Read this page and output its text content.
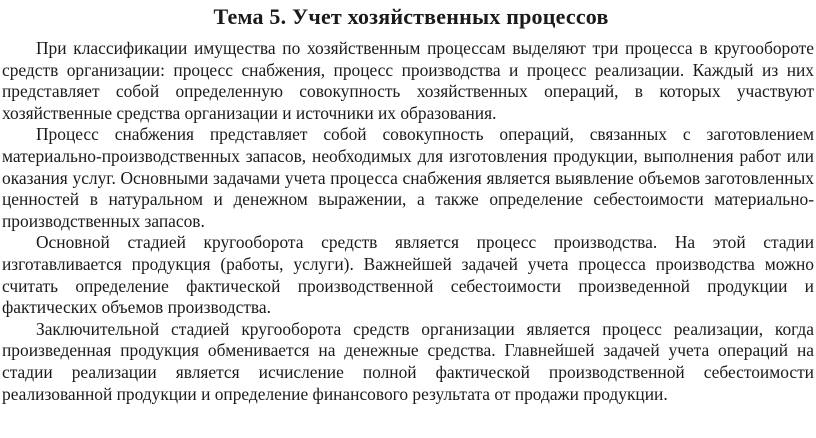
Тема 5. Учет хозяйственных процессов

При классификации имущества по хозяйственным процессам выделяют три процесса в кругообороте средств организации: процесс снабжения, процесс производства и процесс реализации. Каждый из них представляет собой определенную совокупность хозяйственных операций, в которых участвуют хозяйственные средства организации и источники их образования.

Процесс снабжения представляет собой совокупность операций, связанных с заготовлением материально-производственных запасов, необходимых для изготовления продукции, выполнения работ или оказания услуг. Основными задачами учета процесса снабжения является выявление объемов заготовленных ценностей в натуральном и денежном выражении, а также определение себестоимости материально-производственных запасов.

Основной стадией кругооборота средств является процесс производства. На этой стадии изготавливается продукция (работы, услуги). Важнейшей задачей учета процесса производства можно считать определение фактической производственной себестоимости произведенной продукции и фактических объемов производства.

Заключительной стадией кругооборота средств организации является процесс реализации, когда произведенная продукция обменивается на денежные средства. Главнейшей задачей учета операций на стадии реализации является исчисление полной фактической производственной себестоимости реализованной продукции и определение финансового результата от продажи продукции.
